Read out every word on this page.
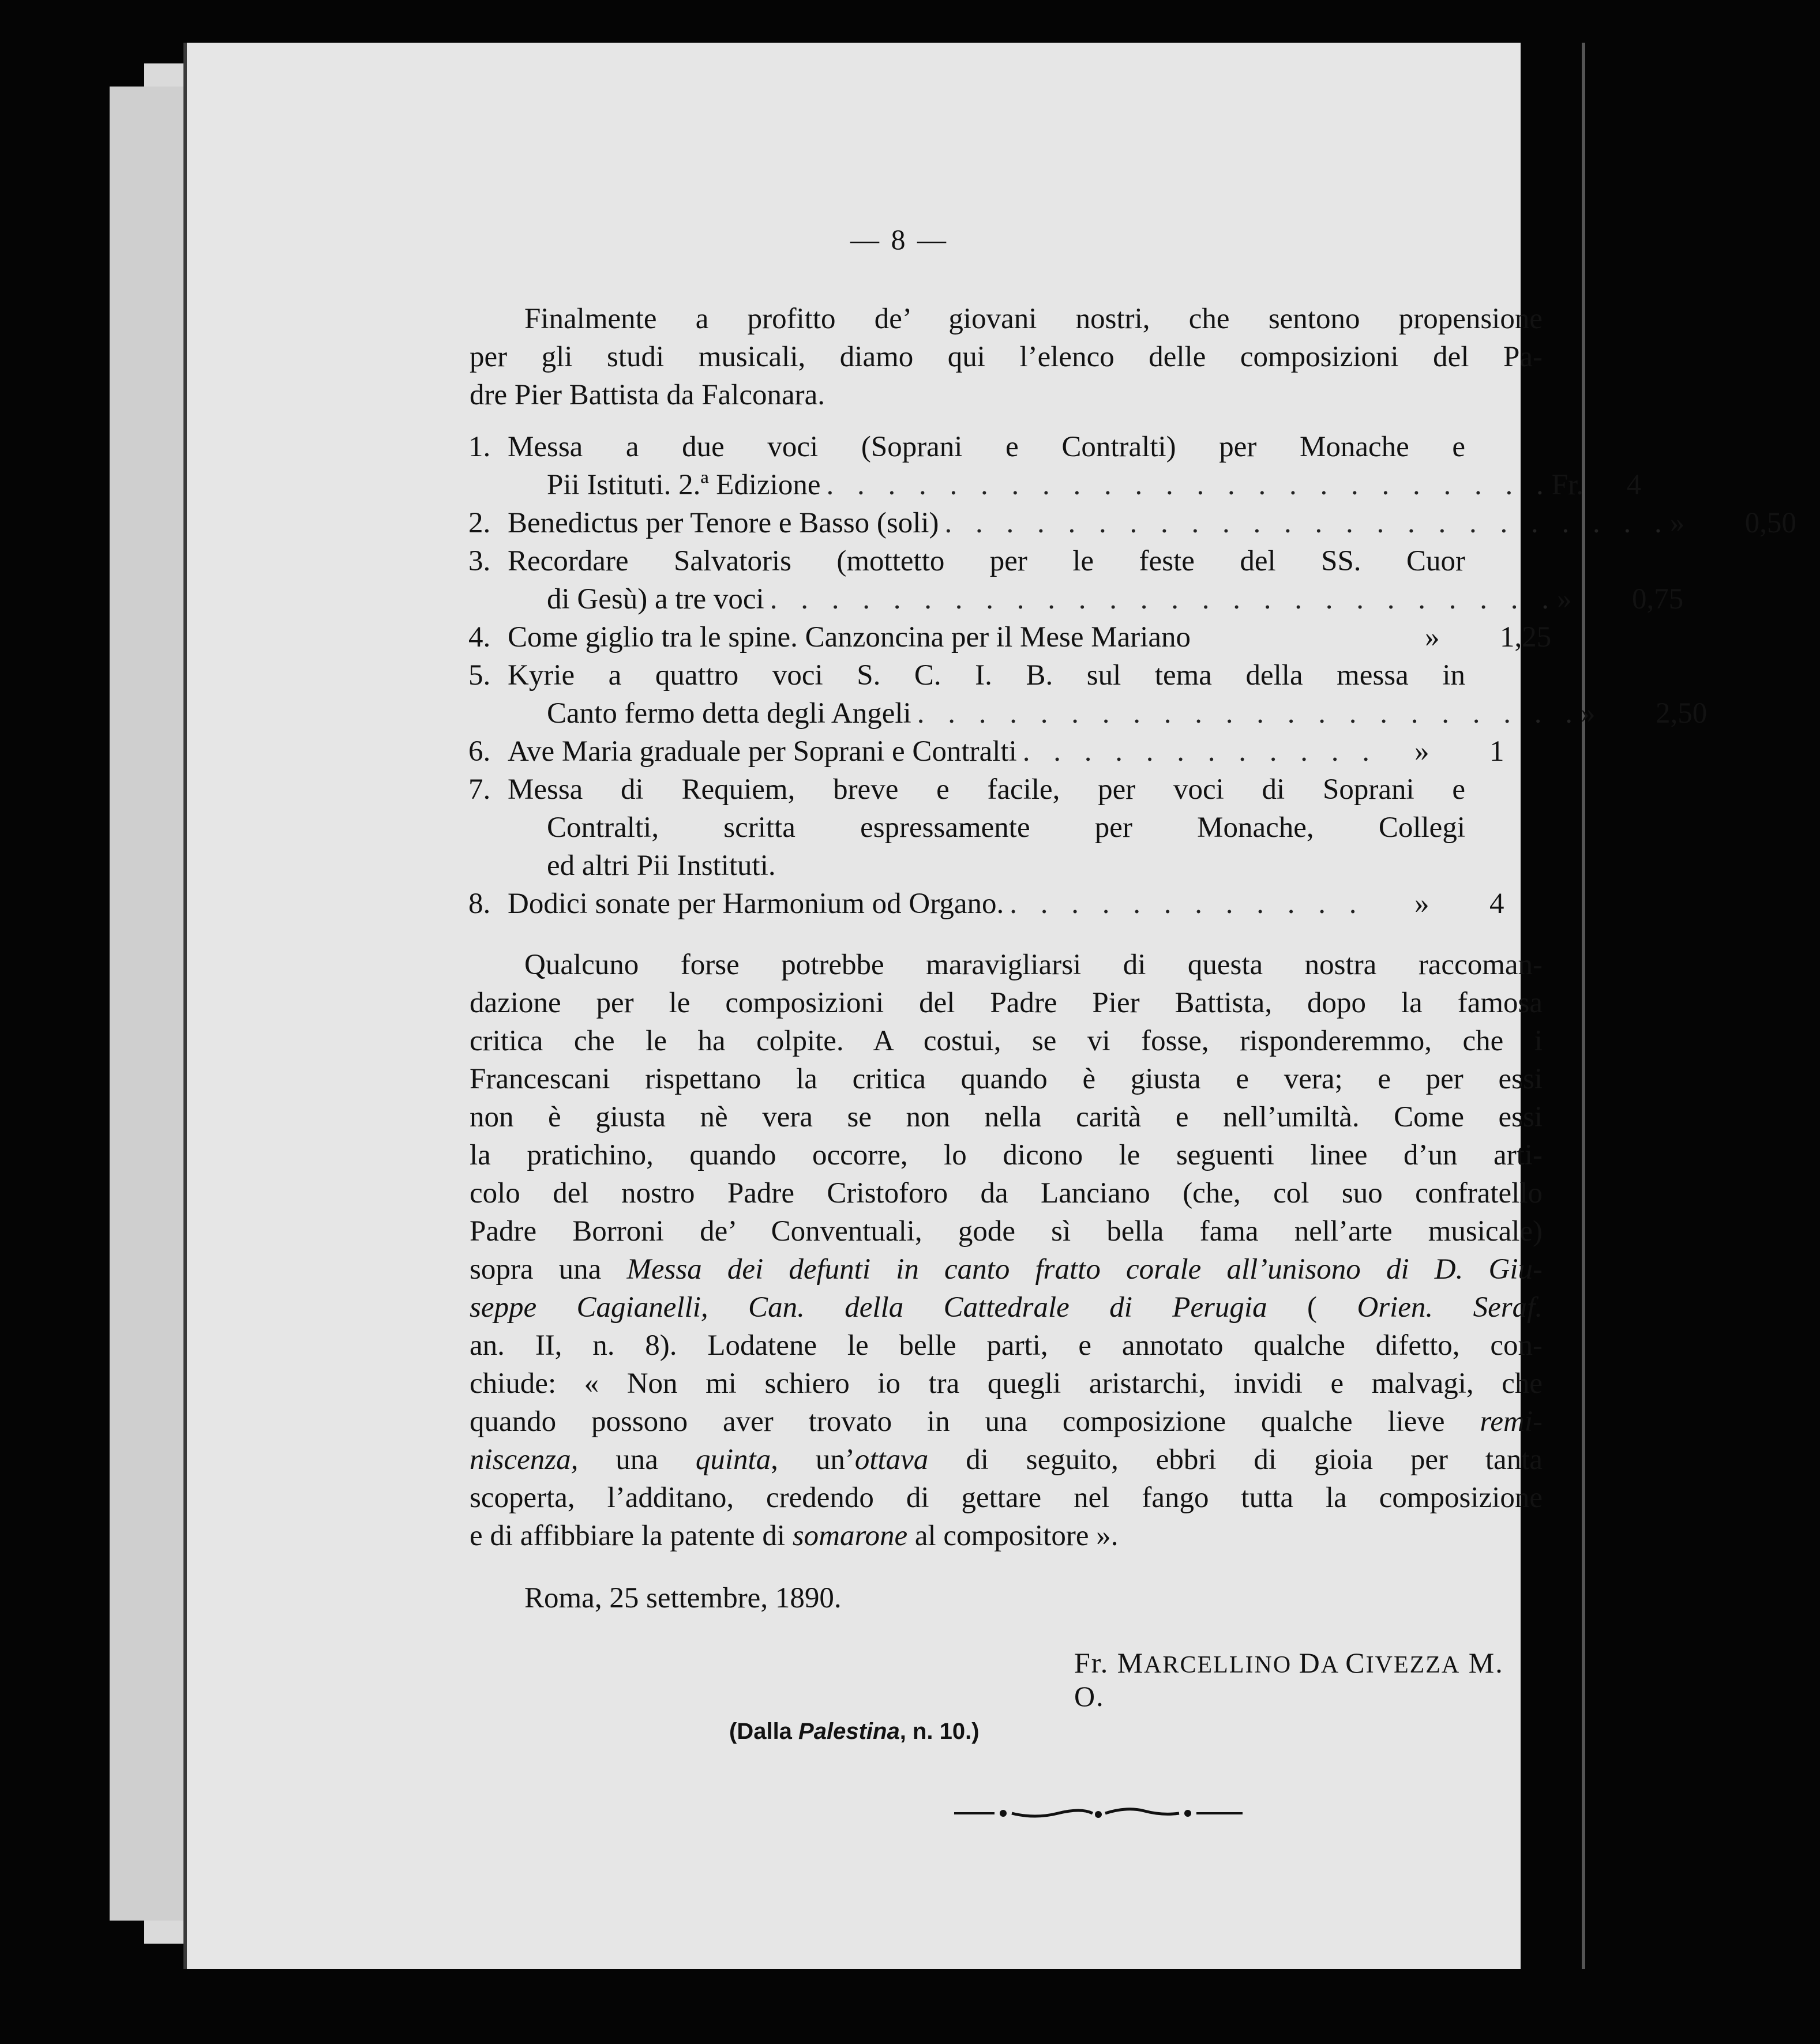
— 8 —
Finalmente a profitto de’ giovani nostri, che sentono propensione
per gli studi musicali, diamo qui l’elenco delle composizioni del Pa-
dre Pier Battista da Falconara.
1. Messa a due voci (Soprani e Contralti) per Monache e
Pii Istituti. 2.ª Edizione . . . . . . . . . . . . . . . . . . . . . . . . Fr.	4
2. Benedictus per Tenore e Basso (soli) . . . . . . . . . . . . . . . . . . . . . . . . »	0,50
3. Recordare Salvatoris (mottetto per le feste del SS. Cuor
di Gesù) a tre voci . . . . . . . . . . . . . . . . . . . . . . . . . . »	0,75
4. Come giglio tra le spine. Canzoncina per il Mese Mariano	»	1,25
5. Kyrie a quattro voci S. C. I. B. sul tema della messa in
Canto fermo detta degli Angeli . . . . . . . . . . . . . . . . . . . . . . »	2,50
6. Ave Maria graduale per Soprani e Contralti . . . . . . . . . . . .	»	1
7. Messa di Requiem, breve e facile, per voci di Soprani e
Contralti, scritta espressamente per Monache, Collegi
ed altri Pii Instituti.
8. Dodici sonate per Harmonium od Organo. . . . . . . . . . . . .	»	4
Qualcuno forse potrebbe maravigliarsi di questa nostra raccoman-
dazione per le composizioni del Padre Pier Battista, dopo la famosa
critica che le ha colpite. A costui, se vi fosse, risponderemmo, che i
Francescani rispettano la critica quando è giusta e vera; e per essi
non è giusta nè vera se non nella carità e nell’umiltà. Come essi
la pratichino, quando occorre, lo dicono le seguenti linee d’un arti-
colo del nostro Padre Cristoforo da Lanciano (che, col suo confratello
Padre Borroni de’ Conventuali, gode sì bella fama nell’arte musicale)
sopra una Messa dei defunti in canto fratto corale all’unisono di D. Giu-
seppe Cagianelli, Can. della Cattedrale di Perugia ( Orien. Seraf.
an. II, n. 8). Lodatene le belle parti, e annotato qualche difetto, con-
chiude: « Non mi schiero io tra quegli aristarchi, invidi e malvagi, che
quando possono aver trovato in una composizione qualche lieve remi-
niscenza, una quinta, un’ottava di seguito, ebbri di gioia per tanta
scoperta, l’additano, credendo di gettare nel fango tutta la composizione
e di affibbiare la patente di somarone al compositore ».
Roma, 25 settembre, 1890.
Fr. MARCELLINO DA CIVEZZA M. O.
(Dalla Palestina, n. 10.)
